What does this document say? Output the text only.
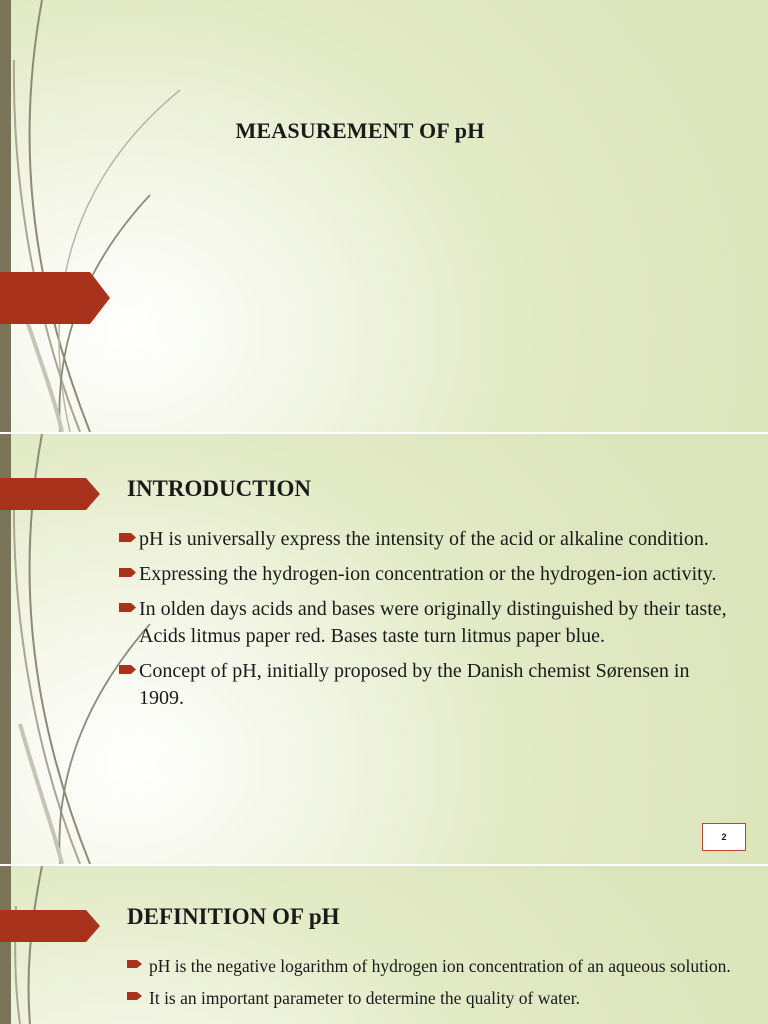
MEASUREMENT OF pH
INTRODUCTION
pH is universally express the intensity of the acid or alkaline condition.
Expressing the hydrogen-ion concentration or the hydrogen-ion activity.
In olden days acids and bases were originally distinguished by their taste, Acids litmus paper red. Bases taste turn litmus paper blue.
Concept of pH, initially proposed by the Danish chemist Sørensen in 1909.
2
DEFINITION OF pH
pH is the negative logarithm of hydrogen ion concentration of an aqueous solution.
It is an important parameter to determine the quality of water.
